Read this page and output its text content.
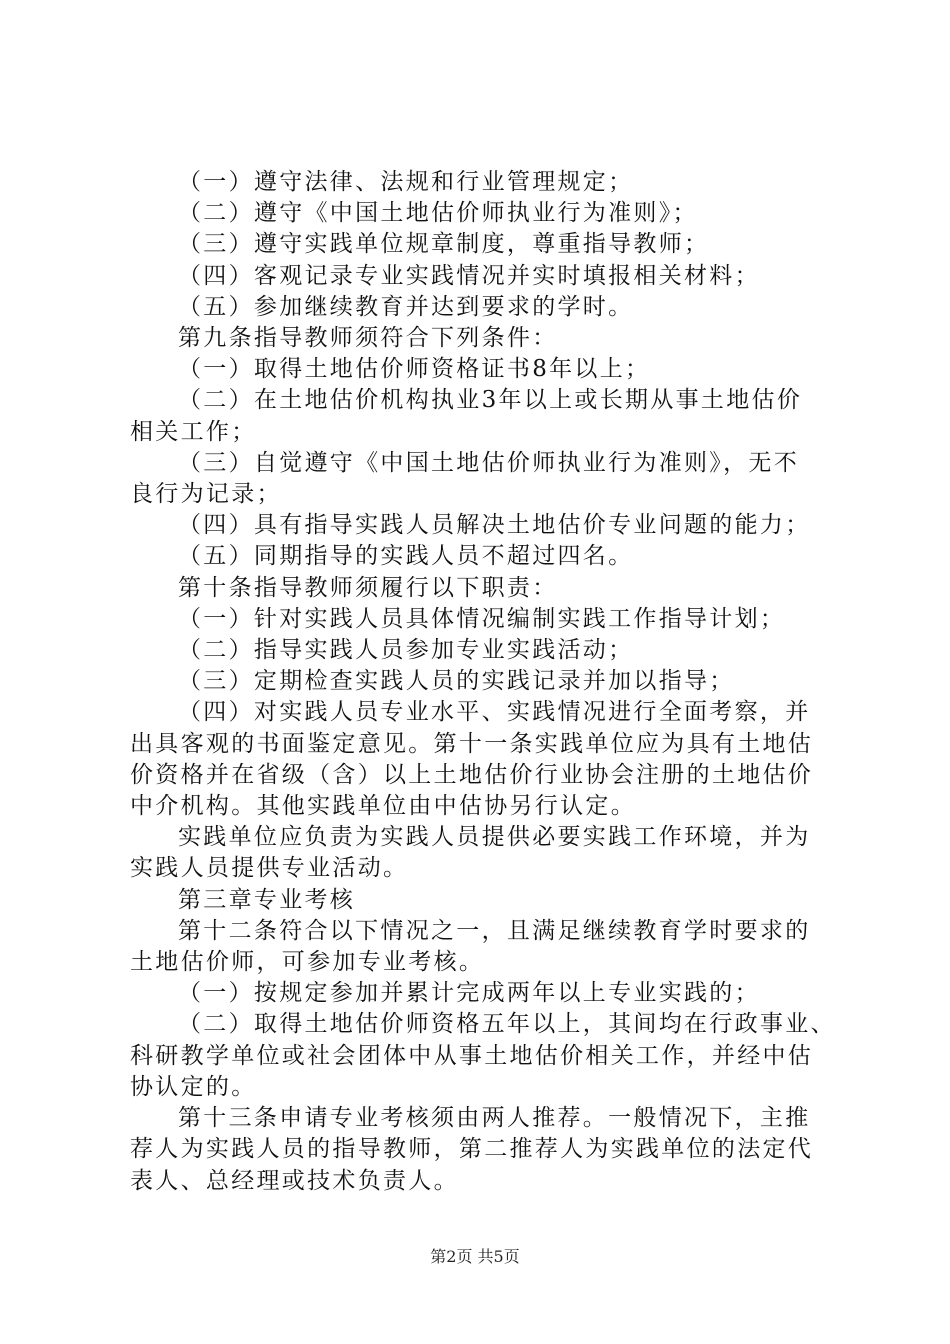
（一）遵守法律、法规和行业管理规定；

（二）遵守《中国土地估价师执业行为准则》；

（三）遵守实践单位规章制度，尊重指导教师；

（四）客观记录专业实践情况并实时填报相关材料；

（五）参加继续教育并达到要求的学时。

第九条指导教师须符合下列条件：

（一）取得土地估价师资格证书8年以上；

（二）在土地估价机构执业3年以上或长期从事土地估价

相关工作；

（三）自觉遵守《中国土地估价师执业行为准则》，无不

良行为记录；

（四）具有指导实践人员解决土地估价专业问题的能力；

（五）同期指导的实践人员不超过四名。

第十条指导教师须履行以下职责：

（一）针对实践人员具体情况编制实践工作指导计划；

（二）指导实践人员参加专业实践活动；

（三）定期检查实践人员的实践记录并加以指导；

（四）对实践人员专业水平、实践情况进行全面考察，并

出具客观的书面鉴定意见。第十一条实践单位应为具有土地估

价资格并在省级（含）以上土地估价行业协会注册的土地估价

中介机构。其他实践单位由中估协另行认定。

实践单位应负责为实践人员提供必要实践工作环境，并为

实践人员提供专业活动。

第三章专业考核

第十二条符合以下情况之一，且满足继续教育学时要求的

土地估价师，可参加专业考核。

（一）按规定参加并累计完成两年以上专业实践的；

（二）取得土地估价师资格五年以上，其间均在行政事业、

科研教学单位或社会团体中从事土地估价相关工作，并经中估

协认定的。

第十三条申请专业考核须由两人推荐。一般情况下，主推

荐人为实践人员的指导教师，第二推荐人为实践单位的法定代

表人、总经理或技术负责人。

第2页 共5页
